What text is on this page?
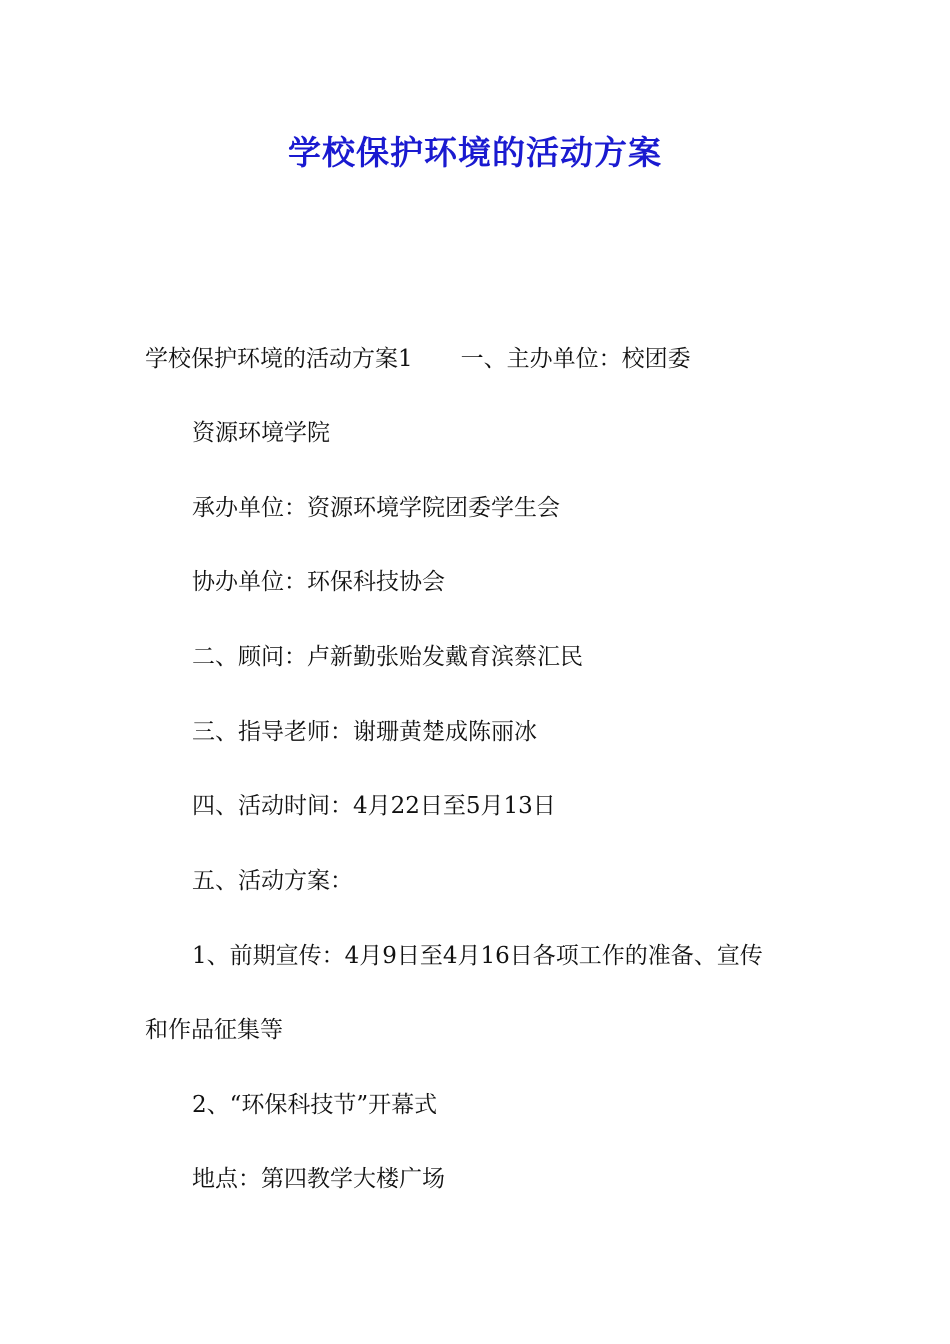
学校保护环境的活动方案

学校保护环境的活动方案1 一、主办单位：校团委

资源环境学院

承办单位：资源环境学院团委学生会

协办单位：环保科技协会

二、顾问：卢新勤张贻发戴育滨蔡汇民

三、指导老师：谢珊黄楚成陈丽冰

四、活动时间：4月22日至5月13日

五、活动方案：

1、前期宣传：4月9日至4月16日各项工作的准备、宣传

和作品征集等

2、“环保科技节”开幕式

地点：第四教学大楼广场
